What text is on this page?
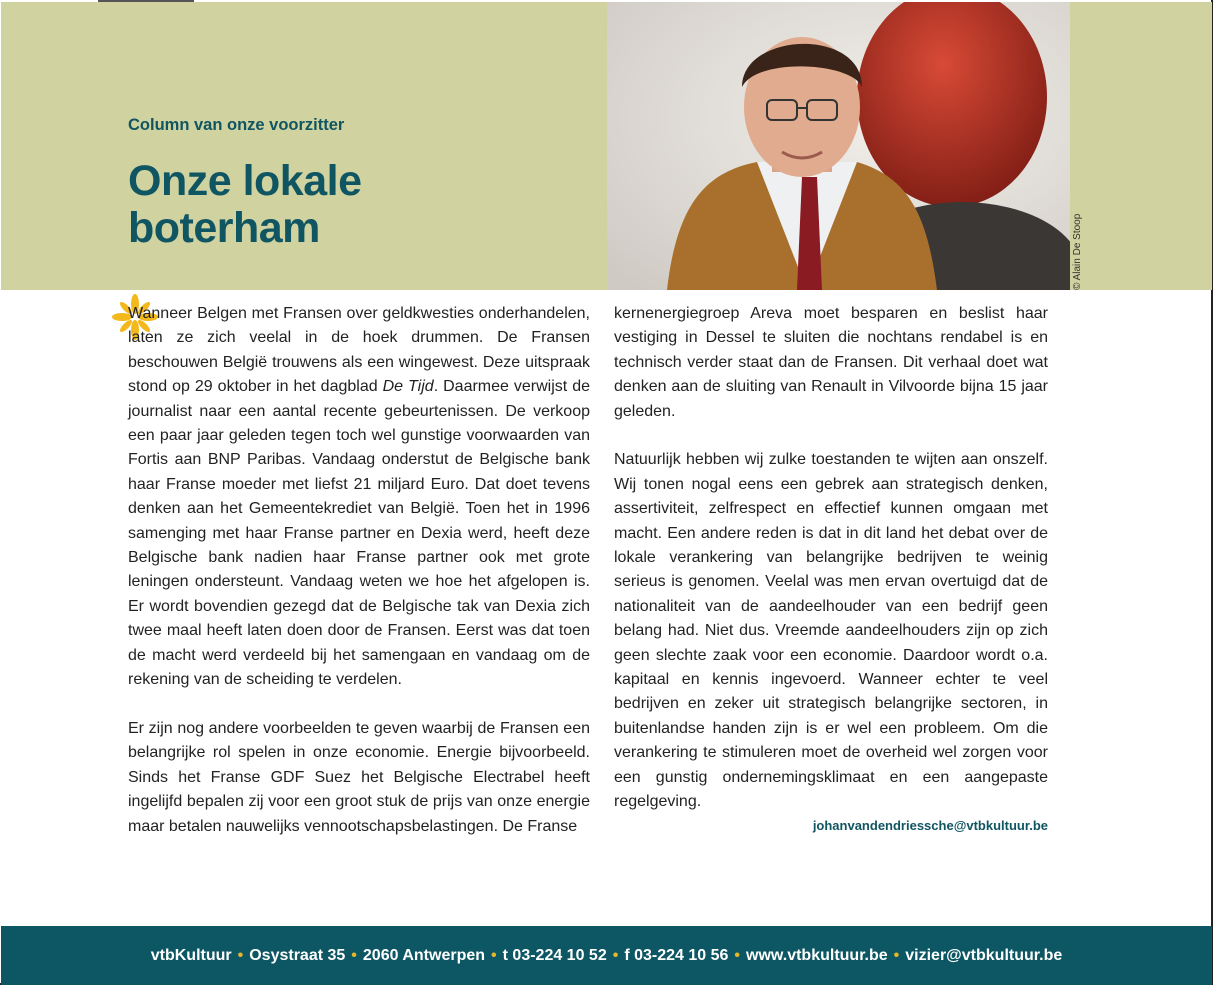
Column van onze voorzitter
Onze lokale boterham

Wanneer Belgen met Fransen over geldkwesties onderhandelen, laten ze zich veelal in de hoek drummen. De Fransen beschouwen België trouwens als een wingewest. Deze uitspraak stond op 29 oktober in het dagblad De Tijd. Daarmee verwijst de journalist naar een aantal recente gebeurtenissen. De verkoop een paar jaar geleden tegen toch wel gunstige voorwaarden van Fortis aan BNP Paribas. Vandaag onderstut de Belgische bank haar Franse moeder met liefst 21 miljard Euro. Dat doet tevens denken aan het Gemeentekrediet van België. Toen het in 1996 samenging met haar Franse partner en Dexia werd, heeft deze Belgische bank nadien haar Franse partner ook met grote leningen ondersteunt. Vandaag weten we hoe het afgelopen is. Er wordt bovendien gezegd dat de Belgische tak van Dexia zich twee maal heeft laten doen door de Fransen. Eerst was dat toen de macht werd verdeeld bij het samengaan en vandaag om de rekening van de scheiding te verdelen.

Er zijn nog andere voorbeelden te geven waarbij de Fransen een belangrijke rol spelen in onze economie. Energie bijvoorbeeld. Sinds het Franse GDF Suez het Belgische Electrabel heeft ingelijfd bepalen zij voor een groot stuk de prijs van onze energie maar betalen nauwelijks vennootschapsbelastingen. De Franse

kernenergiegroep Areva moet besparen en beslist haar vestiging in Dessel te sluiten die nochtans rendabel is en technisch verder staat dan de Fransen. Dit verhaal doet wat denken aan de sluiting van Renault in Vilvoorde bijna 15 jaar geleden.

Natuurlijk hebben wij zulke toestanden te wijten aan onszelf. Wij tonen nogal eens een gebrek aan strategisch denken, assertiviteit, zelfrespect en effectief kunnen omgaan met macht. Een andere reden is dat in dit land het debat over de lokale verankering van belangrijke bedrijven te weinig serieus is genomen. Veelal was men ervan overtuigd dat de nationaliteit van de aandeelhouder van een bedrijf geen belang had. Niet dus. Vreemde aandeelhouders zijn op zich geen slechte zaak voor een economie. Daardoor wordt o.a. kapitaal en kennis ingevoerd. Wanneer echter te veel bedrijven en zeker uit strategisch belangrijke sectoren, in buitenlandse handen zijn is er wel een probleem. Om die verankering te stimuleren moet de overheid wel zorgen voor een gunstig ondernemingsklimaat en een aangepaste regelgeving.

johanvandendriessche@vtbkultuur.be
vtbKultuur • Osystraat 35 • 2060 Antwerpen • t 03-224 10 52 • f 03-224 10 56 • www.vtbkultuur.be • vizier@vtbkultuur.be
